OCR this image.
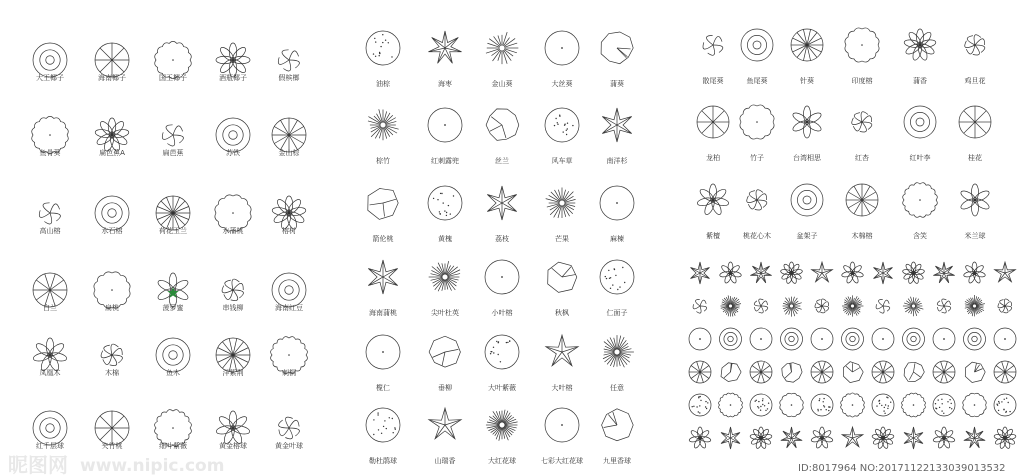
大王椰子	海南椰子	国王椰子	酒瓶椰子	假槟榔
鱼骨葵	扁芭蕉A	扁芭蕉	苏铁	金山棕
高山榕	水石榕	荷花玉兰	水蒲桃	榕树
白兰	扁桃	菠萝蜜	串钱柳	海南红豆
凤凰木	木棉	鱼木	洋紫荆	刺桐
红千层球	夹竹桃	细叶紫薇	黄金榕球	黄金叶球
油棕	海枣	金山葵	大丝葵	蒲葵
棕竹	红刺露兜	丝兰	风车草	南洋杉
箭伦桃	黄槐	荔枝	芒果	麻楝
海南蒲桃	尖叶杜英	小叶榕	秋枫	仁面子
榄仁	垂柳	大叶紫薇	大叶榕	任意
勒杜鹃球	山瑞香	大红花球	七彩大红花球	九里香球
散尾葵	鱼尾葵	针葵	印度榕	蒲香	鸡旦花
龙柏	竹子	台湾相思	红杏	红叶李	桂花
紫檀	桃花心木	盆架子	木棉榕	含笑	米兰球
昵图网 www.nipic.com	ID:8017964 NO:20171122133039013532
